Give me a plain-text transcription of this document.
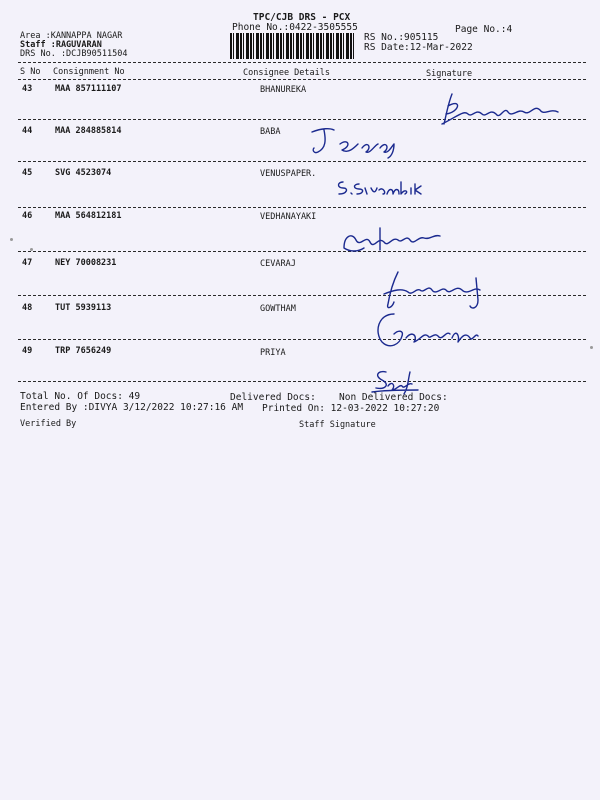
TPC/CJB DRS - PCX
Phone No.:0422-3505555	Page No.:4
Area :KANNAPPA NAGAR
Staff :RAGUVARAN
DRS No. :DCJB90511504
RS No.:905115
RS Date:12-Mar-2022
S No Consignment No	Consignee Details	Signature
43	MAA 857111107	BHANUREKA
44	MAA 284885814	BABA
45	SVG 4523074	VENUSPAPER.
46	MAA 564812181	VEDHANAYAKI
47	NEY 70008231	CEVARAJ
48	TUT 5939113	GOWTHAM
49	TRP 7656249	PRIYA
Total No. Of Docs: 49	Delivered Docs: Non Delivered Docs:
Entered By :DIVYA 3/12/2022 10:27:16 AM Printed On: 12-03-2022 10:27:20
Verified By	Staff Signature
